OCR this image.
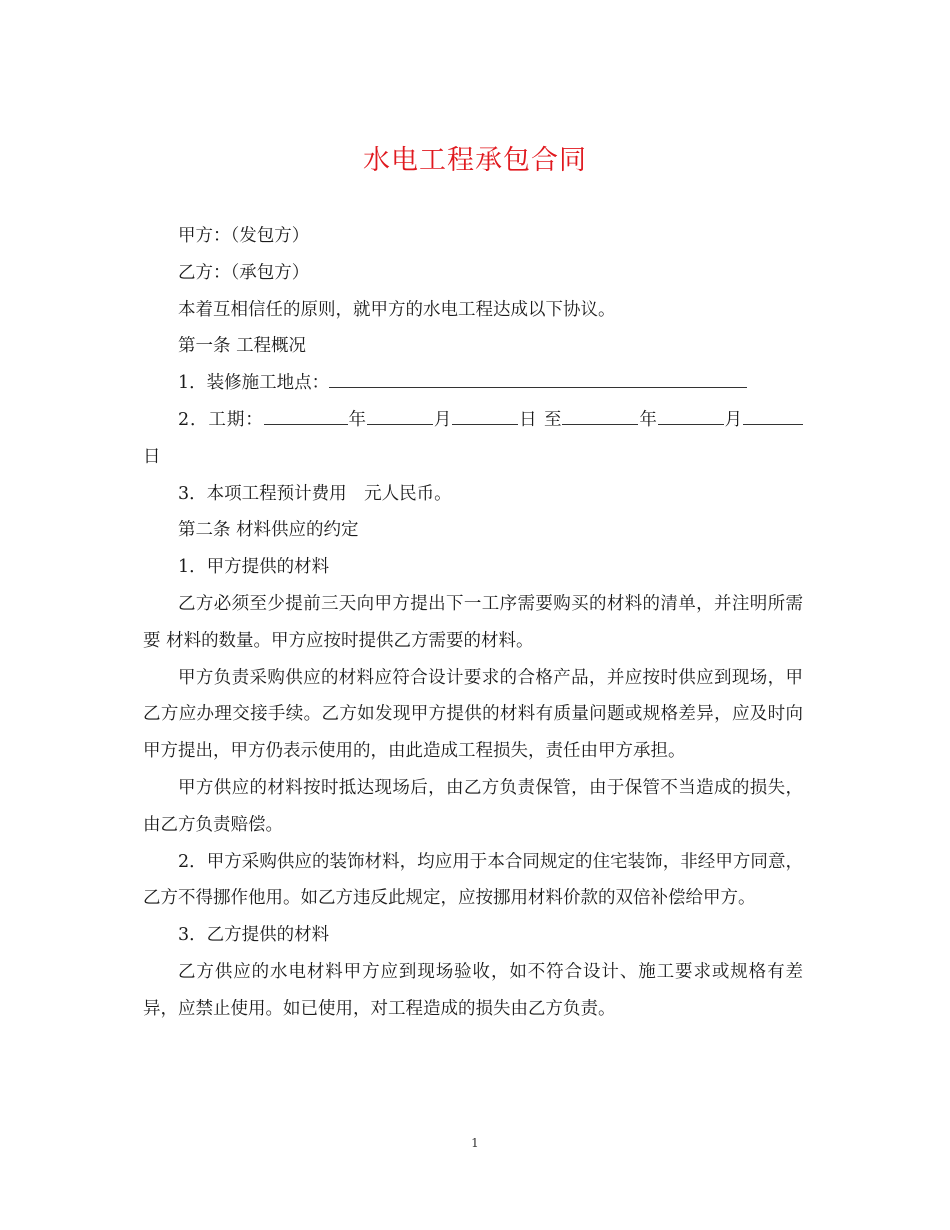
水电工程承包合同

甲方：（发包方）

乙方：（承包方）

本着互相信任的原则，就甲方的水电工程达成以下协议。

第一条 工程概况

1．装修施工地点：

2．工期：	年	月	日 至	年	月日

3．本项工程预计费用　元人民币。

第二条 材料供应的约定

1．甲方提供的材料

乙方必须至少提前三天向甲方提出下一工序需要购买的材料的清单，并注明所需要 材料的数量。甲方应按时提供乙方需要的材料。

甲方负责采购供应的材料应符合设计要求的合格产品，并应按时供应到现场，甲乙方应办理交接手续。乙方如发现甲方提供的材料有质量问题或规格差异，应及时向甲方提出，甲方仍表示使用的，由此造成工程损失，责任由甲方承担。

甲方供应的材料按时抵达现场后，由乙方负责保管，由于保管不当造成的损失，由乙方负责赔偿。

2．甲方采购供应的装饰材料，均应用于本合同规定的住宅装饰，非经甲方同意，乙方不得挪作他用。如乙方违反此规定，应按挪用材料价款的双倍补偿给甲方。

3．乙方提供的材料

乙方供应的水电材料甲方应到现场验收，如不符合设计、施工要求或规格有差异，应禁止使用。如已使用，对工程造成的损失由乙方负责。

1
